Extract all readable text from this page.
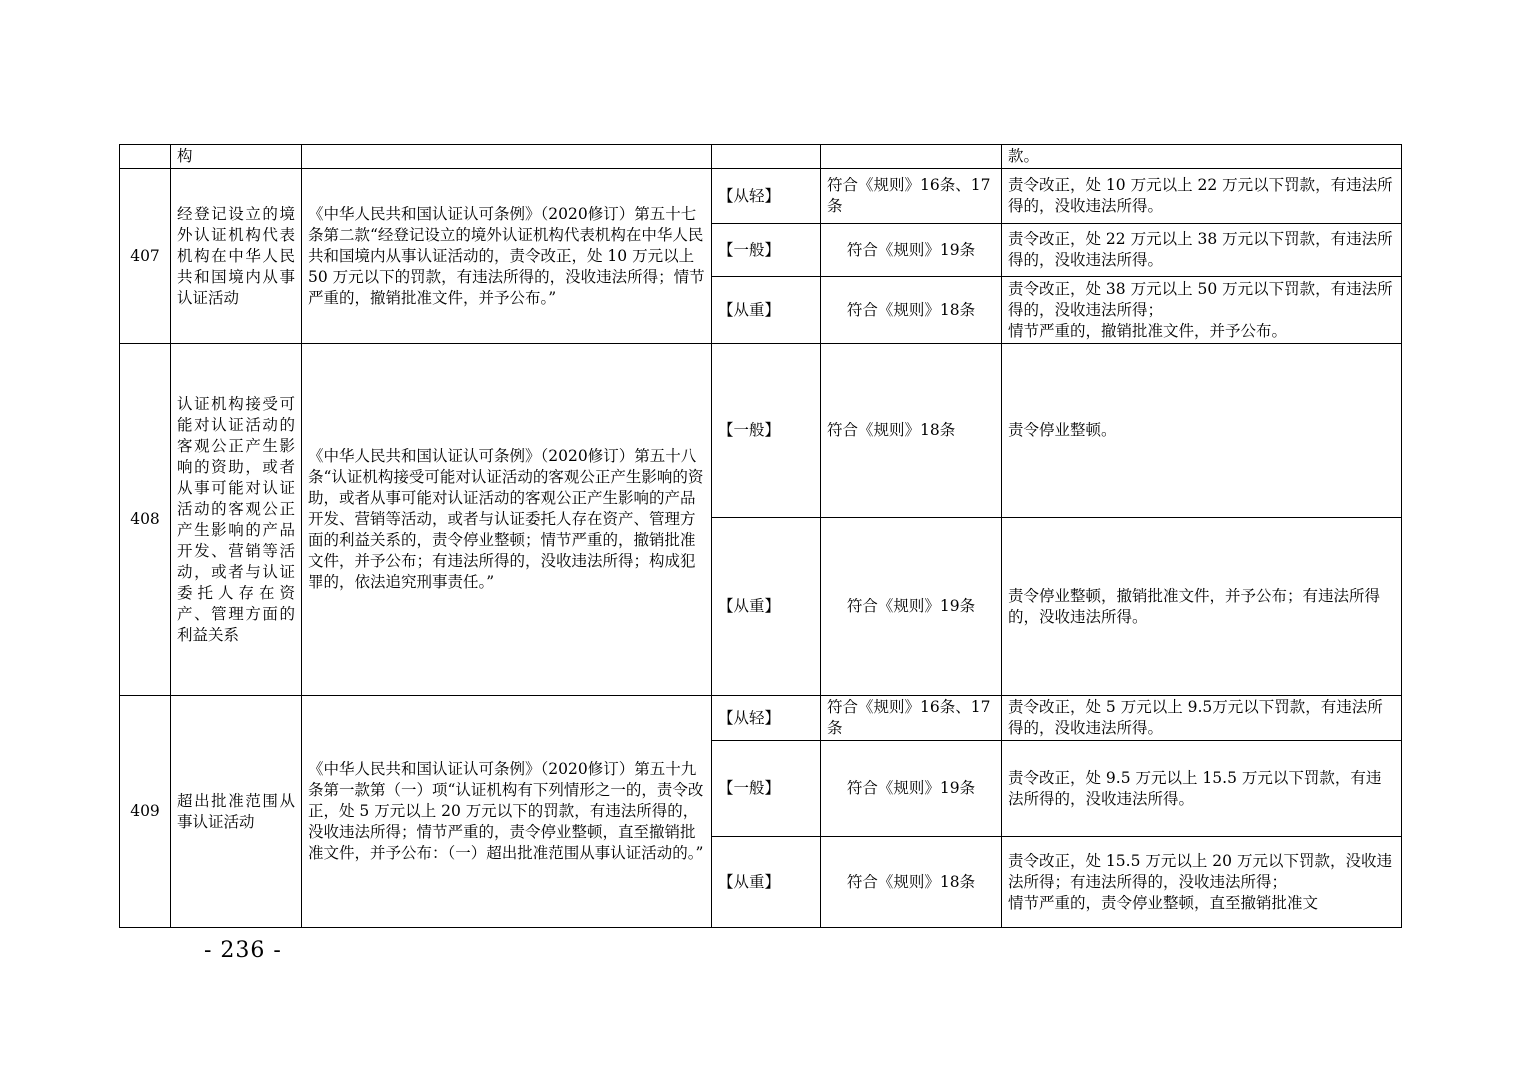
	构				款。
407	经登记设立的境外认证机构代表机构在中华人民共和国境内从事认证活动	《中华人民共和国认证认可条例》（2020修订）第五十七条第二款“经登记设立的境外认证机构代表机构在中华人民共和国境内从事认证活动的，责令改正，处 10 万元以上 50 万元以下的罚款，有违法所得的，没收违法所得；情节严重的，撤销批准文件，并予公布。”	【从轻】	符合《规则》16条、17条	责令改正，处 10 万元以上 22 万元以下罚款，有违法所得的，没收违法所得。
			【一般】	符合《规则》19条	责令改正，处 22 万元以上 38 万元以下罚款，有违法所得的，没收违法所得。
			【从重】	符合《规则》18条	责令改正，处 38 万元以上 50 万元以下罚款，有违法所得的，没收违法所得；
情节严重的，撤销批准文件，并予公布。
408	认证机构接受可能对认证活动的客观公正产生影响的资助，或者从事可能对认证活动的客观公正产生影响的产品开发、营销等活动，或者与认证委托人存在资产、管理方面的利益关系	《中华人民共和国认证认可条例》（2020修订）第五十八条“认证机构接受可能对认证活动的客观公正产生影响的资助，或者从事可能对认证活动的客观公正产生影响的产品开发、营销等活动，或者与认证委托人存在资产、管理方面的利益关系的，责令停业整顿；情节严重的，撤销批准文件，并予公布；有违法所得的，没收违法所得；构成犯罪的，依法追究刑事责任。”	【一般】	符合《规则》18条	责令停业整顿。
			【从重】	符合《规则》19条	责令停业整顿，撤销批准文件，并予公布；有违法所得的，没收违法所得。
409	超出批准范围从事认证活动	《中华人民共和国认证认可条例》（2020修订）第五十九条第一款第（一）项“认证机构有下列情形之一的，责令改正，处 5 万元以上 20 万元以下的罚款，有违法所得的，没收违法所得；情节严重的，责令停业整顿，直至撤销批准文件，并予公布：（一）超出批准范围从事认证活动的。”	【从轻】	符合《规则》16条、17条	责令改正，处 5 万元以上 9.5万元以下罚款，有违法所得的，没收违法所得。
			【一般】	符合《规则》19条	责令改正，处 9.5 万元以上 15.5 万元以下罚款，有违法所得的，没收违法所得。
			【从重】	符合《规则》18条	责令改正，处 15.5 万元以上 20 万元以下罚款，没收违法所得；有违法所得的，没收违法所得；
情节严重的，责令停业整顿，直至撤销批准文
- 236 -
